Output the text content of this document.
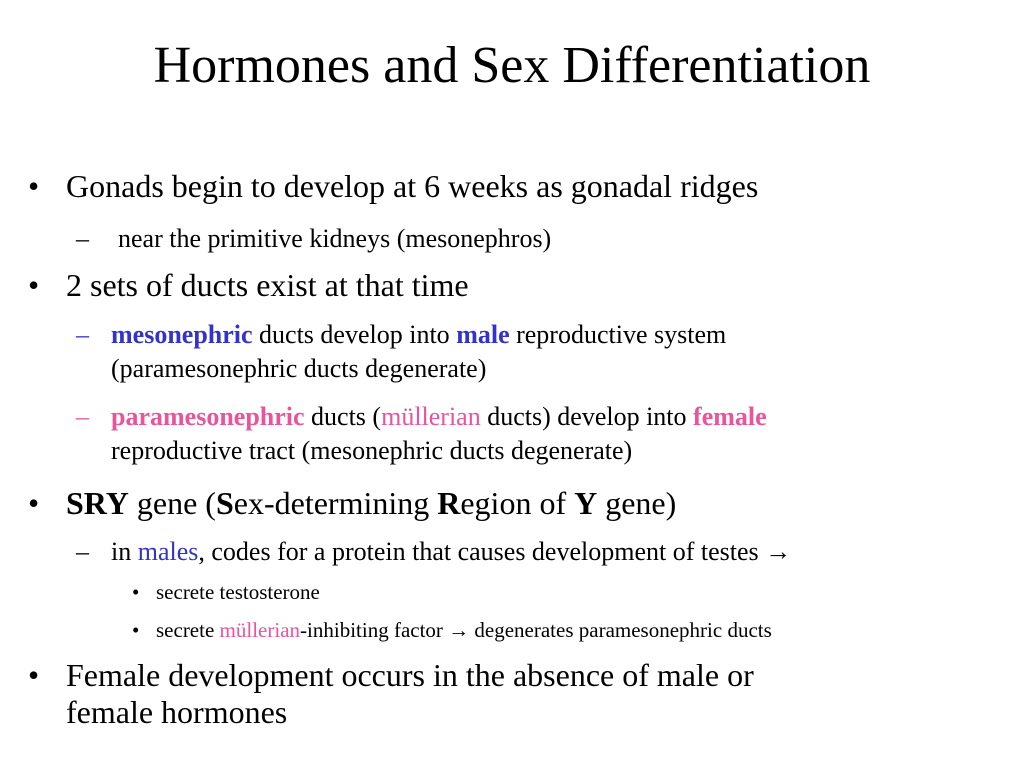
Hormones and Sex Differentiation
• Gonads begin to develop at 6 weeks as gonadal ridges
– near the primitive kidneys (mesonephros)
• 2 sets of ducts exist at that time
– mesonephric ducts develop into male reproductive system
(paramesonephric ducts degenerate)
– paramesonephric ducts (müllerian ducts) develop into female
reproductive tract (mesonephric ducts degenerate)
• SRY gene (Sex-determining Region of Y gene)
– in males, codes for a protein that causes development of testes →
• secrete testosterone
• secrete müllerian-inhibiting factor → degenerates paramesonephric ducts
• Female development occurs in the absence of male or
female hormones
